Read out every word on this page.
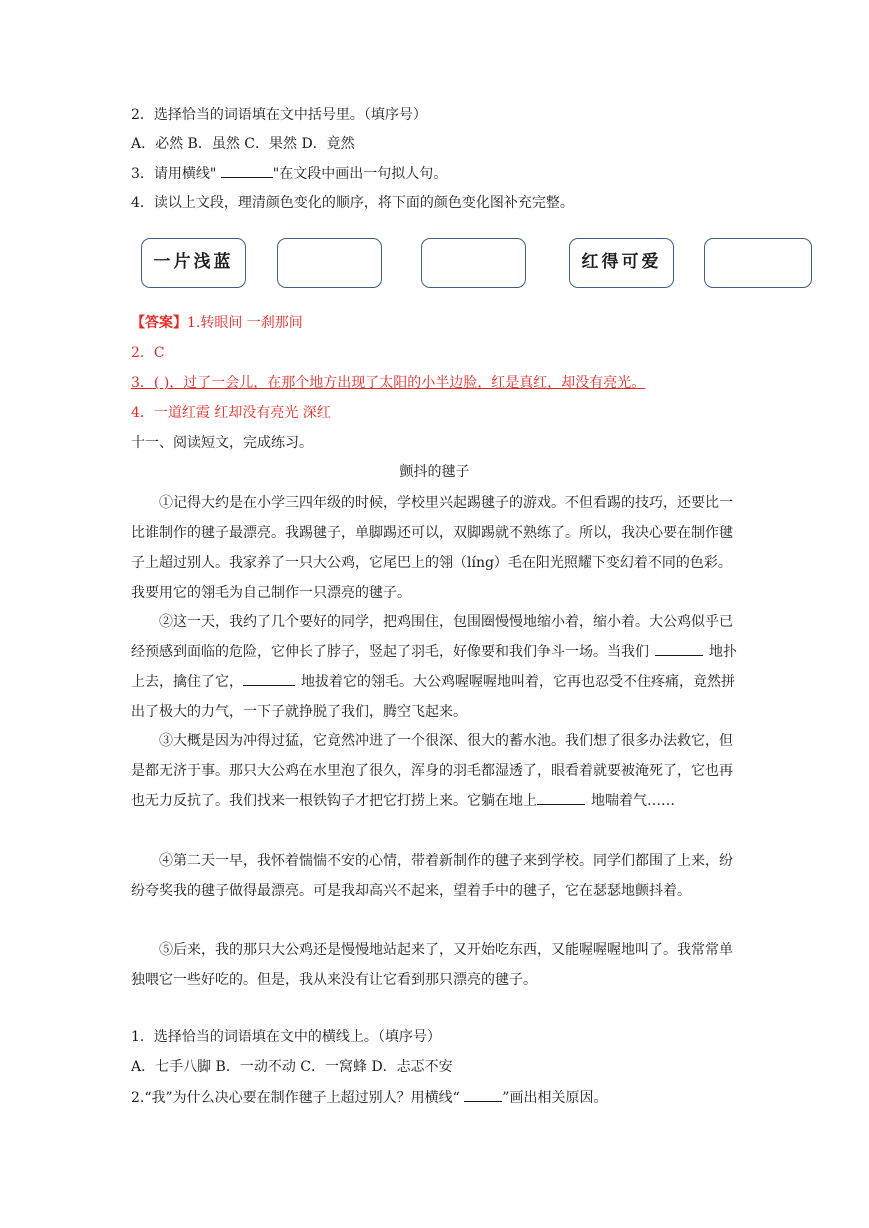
2．选择恰当的词语填在文中括号里。（填序号）
A．必然 B．虽然 C．果然 D．竟然
3．请用横线"	"在文段中画出一句拟人句。
4．读以上文段，理清颜色变化的顺序，将下面的颜色变化图补充完整。
一片浅蓝	红得可爱
【答案】1.转眼间 一刹那间
2．C
3．( )，过了一会儿，在那个地方出现了太阳的小半边脸，红是真红，却没有亮光。
4．一道红霞 红却没有亮光 深红
十一、阅读短文，完成练习。
颤抖的毽子
①记得大约是在小学三四年级的时候，学校里兴起踢毽子的游戏。不但看踢的技巧，还要比一比谁制作的毽子最漂亮。我踢毽子，单脚踢还可以，双脚踢就不熟练了。所以，我决心要在制作毽子上超过别人。我家养了一只大公鸡，它尾巴上的翎（líng）毛在阳光照耀下变幻着不同的色彩。我要用它的翎毛为自己制作一只漂亮的毽子。
②这一天，我约了几个要好的同学，把鸡围住，包围圈慢慢地缩小着，缩小着。大公鸡似乎已经预感到面临的危险，它伸长了脖子，竖起了羽毛，好像要和我们争斗一场。当我们	地扑上去，擒住了它，	地拔着它的翎毛。大公鸡喔喔喔地叫着，它再也忍受不住疼痛，竟然拼出了极大的力气，一下子就挣脱了我们，腾空飞起来。
③大概是因为冲得过猛，它竟然冲进了一个很深、很大的蓄水池。我们想了很多办法救它，但是都无济于事。那只大公鸡在水里泡了很久，浑身的羽毛都湿透了，眼看着就要被淹死了，它也再也无力反抗了。我们找来一根铁钩子才把它打捞上来。它躺在地上	地喘着气……
④第二天一早，我怀着惴惴不安的心情，带着新制作的毽子来到学校。同学们都围了上来，纷纷夸奖我的毽子做得最漂亮。可是我却高兴不起来，望着手中的毽子，它在瑟瑟地颤抖着。
⑤后来，我的那只大公鸡还是慢慢地站起来了，又开始吃东西，又能喔喔喔地叫了。我常常单独喂它一些好吃的。但是，我从来没有让它看到那只漂亮的毽子。
1．选择恰当的词语填在文中的横线上。（填序号）
A．七手八脚 B．一动不动 C．一窝蜂 D．忐忑不安
2.“我”为什么决心要在制作毽子上超过别人？用横线“	”画出相关原因。
